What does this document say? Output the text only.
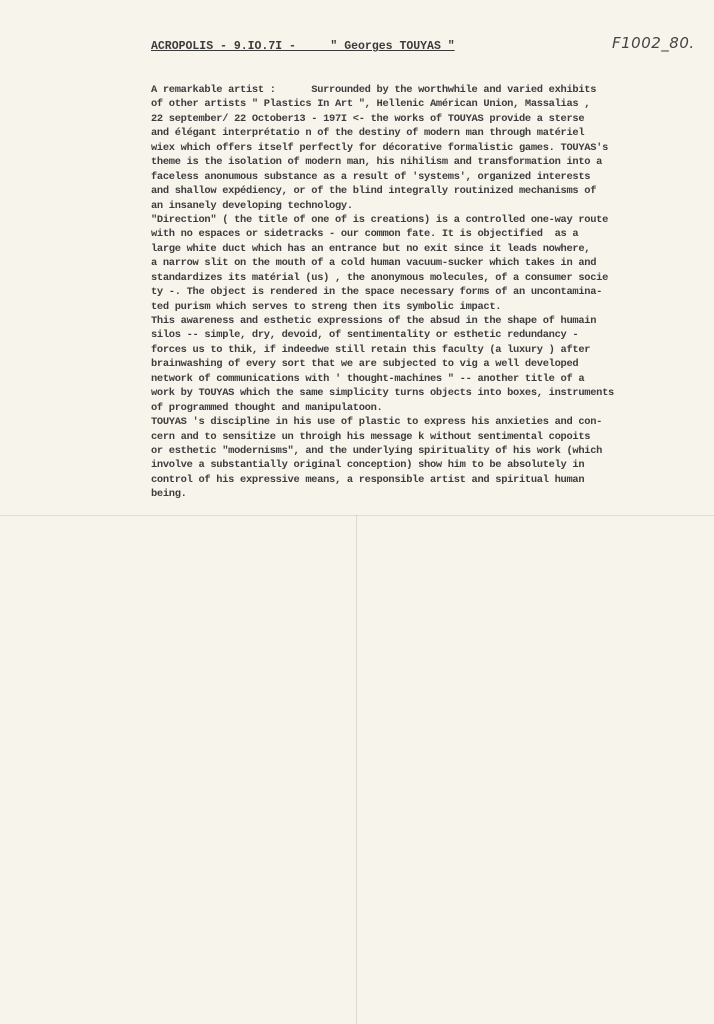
ACROPOLIS - 9.IO.7I -     " Georges TOUYAS "	F1002_80.
A remarkable artist :      Surrounded by the worthwhile and varied exhibits
of other artists " Plastics In Art ", Hellenic Américan Union, Massalias ,
22 september/ 22 October13 - 197I <- the works of TOUYAS provide a sterse
and élégant interprétatio n of the destiny of modern man through matériel
wiex which offers itself perfectly for décorative formalistic games. TOUYAS's
theme is the isolation of modern man, his nihilism and transformation into a
faceless anonumous substance as a result of 'systems', organized interests
and shallow expédiency, or of the blind integrally routinized mechanisms of
an insanely developing technology.
"Direction" ( the title of one of is creations) is a controlled one-way route
with no espaces or sidetracks - our common fate. It is objectified  as a
large white duct which has an entrance but no exit since it leads nowhere,
a narrow slit on the mouth of a cold human vacuum-sucker which takes in and
standardizes its matérial (us) , the anonymous molecules, of a consumer socie
ty -. The object is rendered in the space necessary forms of an uncontamina-
ted purism which serves to streng then its symbolic impact.
This awareness and esthetic expressions of the absud in the shape of humain
silos -- simple, dry, devoid, of sentimentality or esthetic redundancy -
forces us to thik, if indeedwe still retain this faculty (a luxury ) after
brainwashing of every sort that we are subjected to vig a well developed
network of communications with ' thought-machines " -- another title of a
work by TOUYAS which the same simplicity turns objects into boxes, instruments
of programmed thought and manipulatoon.
TOUYAS 's discipline in his use of plastic to express his anxieties and con-
cern and to sensitize un throigh his message k without sentimental copoits
or esthetic "modernisms", and the underlying spirituality of his work (which
involve a substantially original conception) show him to be absolutely in
control of his expressive means, a responsible artist and spiritual human
being.
